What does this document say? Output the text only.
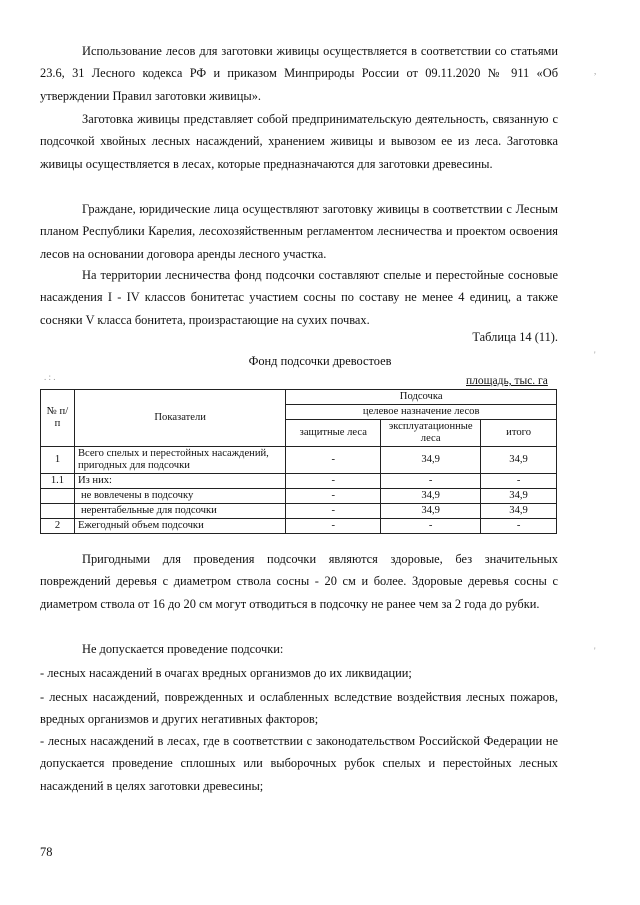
Использование лесов для заготовки живицы осуществляется в соответствии со статьями 23.6, 31 Лесного кодекса РФ и приказом Минприроды России от 09.11.2020 № 911 «Об утверждении Правил заготовки живицы».

Заготовка живицы представляет собой предпринимательскую деятельность, связанную с подсочкой хвойных лесных насаждений, хранением живицы и вывозом ее из леса. Заготовка живицы осуществляется в лесах, которые предназначаются для заготовки древесины.

Граждане, юридические лица осуществляют заготовку живицы в соответствии с Лесным планом Республики Карелия, лесохозяйственным регламентом лесничества и проектом освоения лесов на основании договора аренды лесного участка.

На территории лесничества фонд подсочки составляют спелые и перестойные сосновые насаждения I - IV классов бонитетас участием сосны по составу не менее 4 единиц, а также сосняки V класса бонитета, произрастающие на сухих почвах.

Таблица 14 (11).
Фонд подсочки древостоев
площадь, тыс. га
№ п/п	Показатели	Подсочка		
		целевое назначение лесов		
		защитные леса	эксплуатационные леса	итого
1	Всего спелых и перестойных насаждений, пригодных для подсочки	-	34,9	34,9
1.1	Из них:	-	-	-
	не вовлечены в подсочку	-	34,9	34,9
	нерентабельные для подсочки	-	34,9	34,9
2	Ежегодный объем подсочки	-	-	-

Пригодными для проведения подсочки являются здоровые, без значительных повреждений деревья с диаметром ствола сосны - 20 см и более. Здоровые деревья сосны с диаметром ствола от 16 до 20 см могут отводиться в подсочку не ранее чем за 2 года до рубки.

Не допускается проведение подсочки:

- лесных насаждений в очагах вредных организмов до их ликвидации;

- лесных насаждений, поврежденных и ослабленных вследствие воздействия лесных пожаров, вредных организмов и других негативных факторов;

- лесных насаждений в лесах, где в соответствии с законодательством Российской Федерации не допускается проведение сплошных или выборочных рубок спелых и перестойных лесных насаждений в целях заготовки древесины;

78
,
'
'
. : .
